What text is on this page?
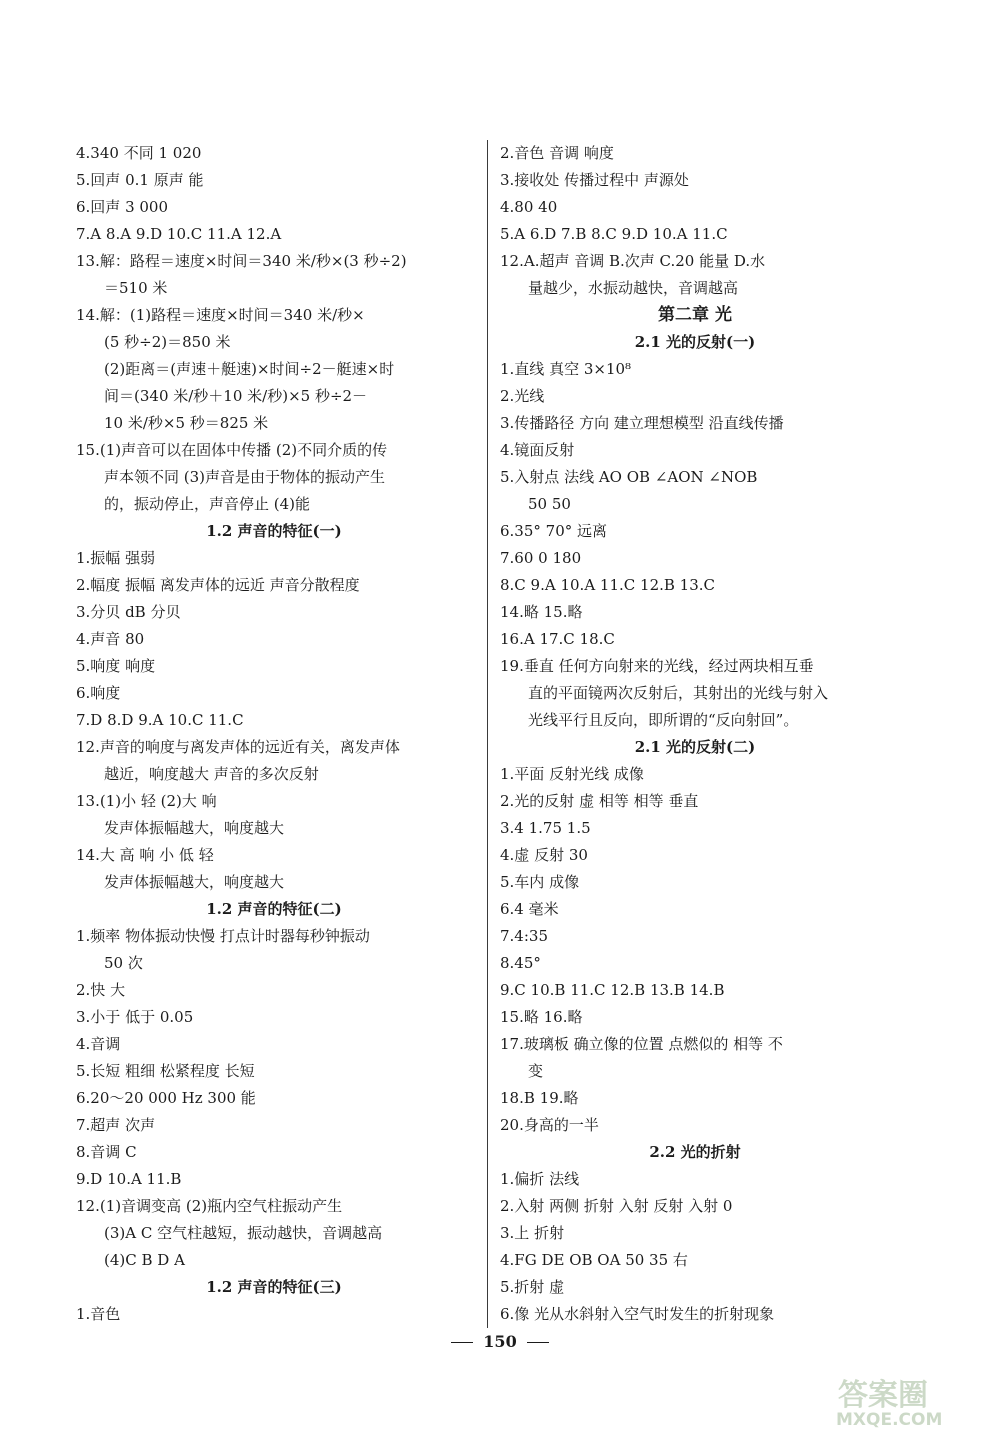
4.340 不同 1 020
5.回声 0.1 原声 能
6.回声 3 000
7.A 8.A 9.D 10.C 11.A 12.A
13.解：路程＝速度×时间＝340 米/秒×(3 秒÷2)
＝510 米
14.解：(1)路程＝速度×时间＝340 米/秒×
(5 秒÷2)＝850 米
(2)距离＝(声速＋艇速)×时间÷2－艇速×时
间＝(340 米/秒＋10 米/秒)×5 秒÷2－
10 米/秒×5 秒＝825 米
15.(1)声音可以在固体中传播 (2)不同介质的传
声本领不同 (3)声音是由于物体的振动产生
的，振动停止，声音停止 (4)能
1.2 声音的特征(一)
1.振幅 强弱
2.幅度 振幅 离发声体的远近 声音分散程度
3.分贝 dB 分贝
4.声音 80
5.响度 响度
6.响度
7.D 8.D 9.A 10.C 11.C
12.声音的响度与离发声体的远近有关，离发声体
越近，响度越大 声音的多次反射
13.(1)小 轻 (2)大 响
发声体振幅越大，响度越大
14.大 高 响 小 低 轻
发声体振幅越大，响度越大
1.2 声音的特征(二)
1.频率 物体振动快慢 打点计时器每秒钟振动
50 次
2.快 大
3.小于 低于 0.05
4.音调
5.长短 粗细 松紧程度 长短
6.20～20 000 Hz 300 能
7.超声 次声
8.音调 C
9.D 10.A 11.B
12.(1)音调变高 (2)瓶内空气柱振动产生
(3)A C 空气柱越短，振动越快，音调越高
(4)C B D A
1.2 声音的特征(三)
1.音色
2.音色 音调 响度
3.接收处 传播过程中 声源处
4.80 40
5.A 6.D 7.B 8.C 9.D 10.A 11.C
12.A.超声 音调 B.次声 C.20 能量 D.水
量越少，水振动越快，音调越高
第二章 光
2.1 光的反射(一)
1.直线 真空 3×10⁸
2.光线
3.传播路径 方向 建立理想模型 沿直线传播
4.镜面反射
5.入射点 法线 AO OB ∠AON ∠NOB
50 50
6.35° 70° 远离
7.60 0 180
8.C 9.A 10.A 11.C 12.B 13.C
14.略 15.略
16.A 17.C 18.C
19.垂直 任何方向射来的光线，经过两块相互垂
直的平面镜两次反射后，其射出的光线与射入
光线平行且反向，即所谓的“反向射回”。
2.1 光的反射(二)
1.平面 反射光线 成像
2.光的反射 虚 相等 相等 垂直
3.4 1.75 1.5
4.虚 反射 30
5.车内 成像
6.4 毫米
7.4:35
8.45°
9.C 10.B 11.C 12.B 13.B 14.B
15.略 16.略
17.玻璃板 确立像的位置 点燃似的 相等 不
变
18.B 19.略
20.身高的一半
2.2 光的折射
1.偏折 法线
2.入射 两侧 折射 入射 反射 入射 0
3.上 折射
4.FG DE OB OA 50 35 右
5.折射 虚
6.像 光从水斜射入空气时发生的折射现象
150
答案圈
MXQE.COM
